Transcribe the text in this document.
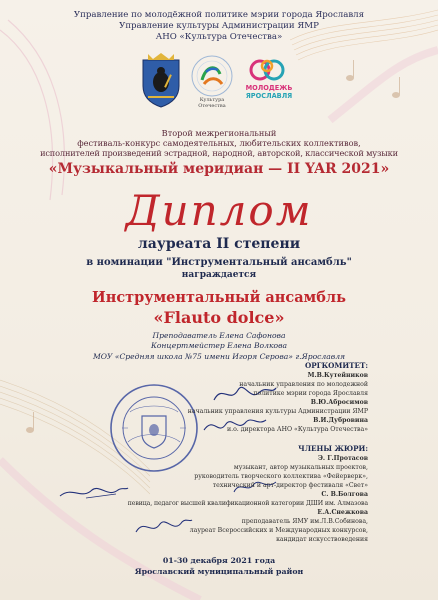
Управление по молодёжной политике мэрии города Ярославля
Управление культуры Администрации ЯМР
АНО «Культура Отечества»
Культура Отечества
МОЛОДЕЖЬ
ЯРОСЛАВЛЯ
Второй межрегиональный
фестиваль-конкурс самодеятельных, любительских коллективов,
исполнителей произведений эстрадной, народной, авторской, классической музыки
«Музыкальный меридиан — II YAR 2021»
Диплом
лауреата II степени
в номинации "Инструментальный ансамбль"
награждается
Инструментальный ансамбль
«Flauto dolce»
Преподаватель Елена Сафонова
Концертмейстер Елена Волкова
МОУ «Средняя школа №75 имени Игоря Серова» г.Ярославля
ОРГКОМИТЕТ:
М.В.Кутейников
начальник управления по молодежной
политике мэрии города Ярославля
В.Ю.Абросимов
начальник управления культуры Администрации ЯМР
В.И.Дубровина
и.о. директора АНО «Культура Отечества»
ЧЛЕНЫ ЖЮРИ:
Э. Г.Протасов
музыкант, автор музыкальных проектов,
руководитель творческого коллектива «Фейерверк»,
технический и арт-директор фестиваля «Свет»
С. В.Болгова
певица, педагог высшей квалификационной категории ДШИ им. Алмазова
Е.А.Снежкова
преподаватель ЯМУ им.Л.В.Собинова,
лауреат Всероссийских и Международных конкурсов,
кандидат искусствоведения
01-30 декабря 2021 года
Ярославский муниципальный район
